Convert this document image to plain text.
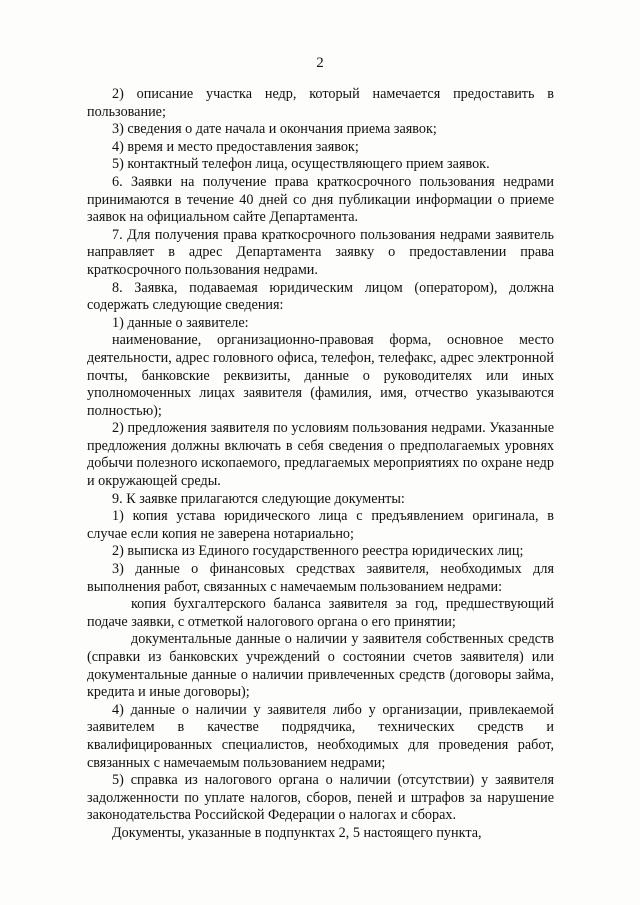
2

2) описание участка недр, который намечается предоставить в пользование;

3) сведения о дате начала и окончания приема заявок;

4) время и место предоставления заявок;

5) контактный телефон лица, осуществляющего прием заявок.

6. Заявки на получение права краткосрочного пользования недрами принимаются в течение 40 дней со дня публикации информации о приеме заявок на официальном сайте Департамента.

7. Для получения права краткосрочного пользования недрами заявитель направляет в адрес Департамента заявку о предоставлении права краткосрочного пользования недрами.

8. Заявка, подаваемая юридическим лицом (оператором), должна содержать следующие сведения:

1) данные о заявителе:

наименование, организационно-правовая форма, основное место деятельности, адрес головного офиса, телефон, телефакс, адрес электронной почты, банковские реквизиты, данные о руководителях или иных уполномоченных лицах заявителя (фамилия, имя, отчество указываются полностью);

2) предложения заявителя по условиям пользования недрами. Указанные предложения должны включать в себя сведения о предполагаемых уровнях добычи полезного ископаемого, предлагаемых мероприятиях по охране недр и окружающей среды.

9. К заявке прилагаются следующие документы:

1) копия устава юридического лица с предъявлением оригинала, в случае если копия не заверена нотариально;

2) выписка из Единого государственного реестра юридических лиц;

3) данные о финансовых средствах заявителя, необходимых для выполнения работ, связанных с намечаемым пользованием недрами:

копия бухгалтерского баланса заявителя за год, предшествующий подаче заявки, с отметкой налогового органа о его принятии;

документальные данные о наличии у заявителя собственных средств (справки из банковских учреждений о состоянии счетов заявителя) или документальные данные о наличии привлеченных средств (договоры займа, кредита и иные договоры);

4) данные о наличии у заявителя либо у организации, привлекаемой заявителем в качестве подрядчика, технических средств и квалифицированных специалистов, необходимых для проведения работ, связанных с намечаемым пользованием недрами;

5) справка из налогового органа о наличии (отсутствии) у заявителя задолженности по уплате налогов, сборов, пеней и штрафов за нарушение законодательства Российской Федерации о налогах и сборах.

Документы, указанные в подпунктах 2, 5 настоящего пункта,
